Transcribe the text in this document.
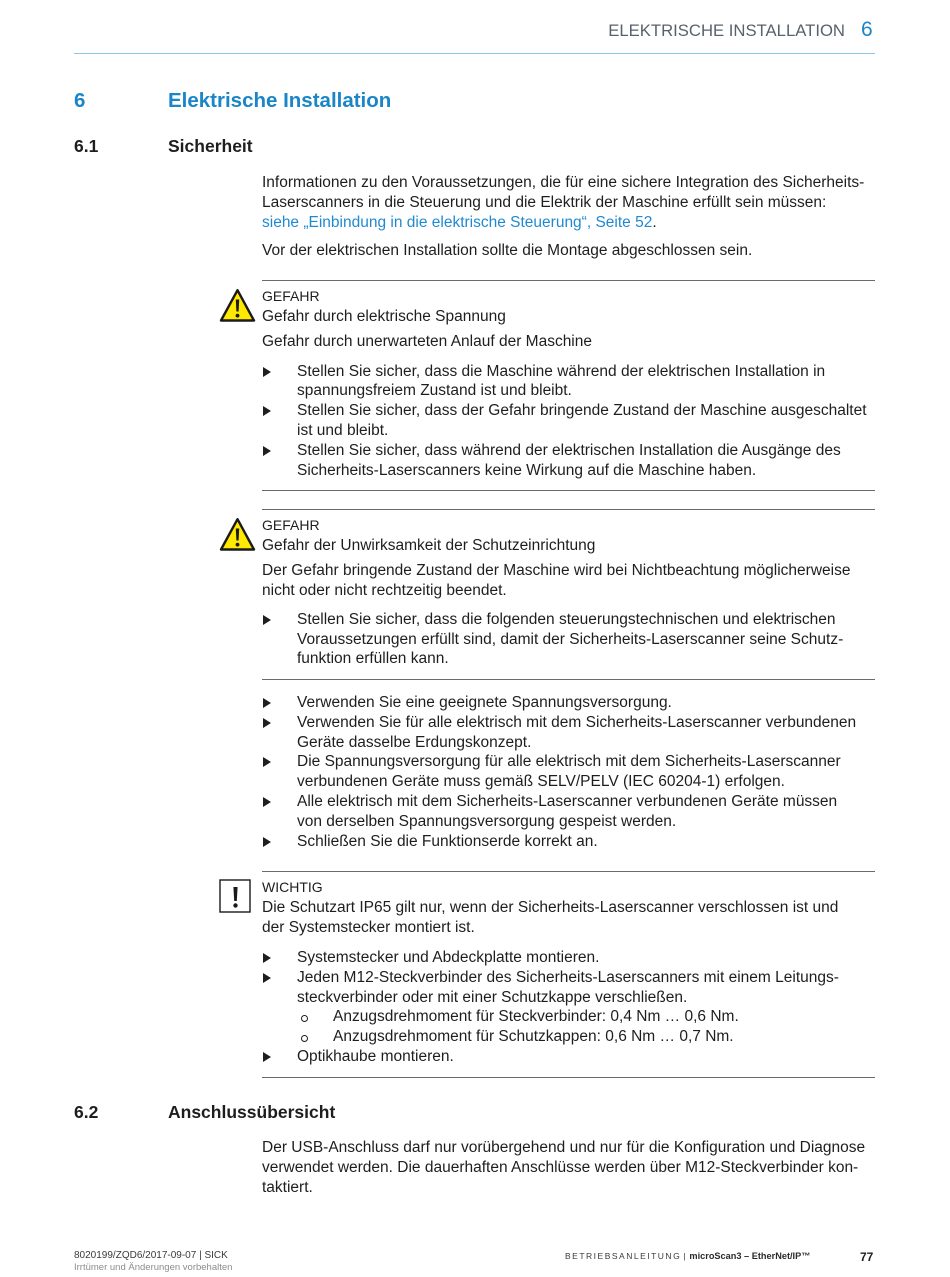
ELEKTRISCHE INSTALLATION 6
6	Elektrische Installation
6.1	Sicherheit
Informationen zu den Voraussetzungen, die für eine sichere Integration des Sicherheits-
Laserscanners in die Steuerung und die Elektrik der Maschine erfüllt sein müssen:
siehe „Einbindung in die elektrische Steuerung“, Seite 52.
Vor der elektrischen Installation sollte die Montage abgeschlossen sein.
GEFAHR
Gefahr durch elektrische Spannung
Gefahr durch unerwarteten Anlauf der Maschine
Stellen Sie sicher, dass die Maschine während der elektrischen Installation in
spannungsfreiem Zustand ist und bleibt.
Stellen Sie sicher, dass der Gefahr bringende Zustand der Maschine ausgeschaltet
ist und bleibt.
Stellen Sie sicher, dass während der elektrischen Installation die Ausgänge des
Sicherheits-Laserscanners keine Wirkung auf die Maschine haben.
GEFAHR
Gefahr der Unwirksamkeit der Schutzeinrichtung
Der Gefahr bringende Zustand der Maschine wird bei Nichtbeachtung möglicherweise
nicht oder nicht rechtzeitig beendet.
Stellen Sie sicher, dass die folgenden steuerungstechnischen und elektrischen
Voraussetzungen erfüllt sind, damit der Sicherheits-Laserscanner seine Schutz-
funktion erfüllen kann.
Verwenden Sie eine geeignete Spannungsversorgung.
Verwenden Sie für alle elektrisch mit dem Sicherheits-Laserscanner verbundenen
Geräte dasselbe Erdungskonzept.
Die Spannungsversorgung für alle elektrisch mit dem Sicherheits-Laserscanner
verbundenen Geräte muss gemäß SELV/PELV (IEC 60204-1) erfolgen.
Alle elektrisch mit dem Sicherheits-Laserscanner verbundenen Geräte müssen
von derselben Spannungsversorgung gespeist werden.
Schließen Sie die Funktionserde korrekt an.
WICHTIG
Die Schutzart IP65 gilt nur, wenn der Sicherheits-Laserscanner verschlossen ist und
der Systemstecker montiert ist.
Systemstecker und Abdeckplatte montieren.
Jeden M12-Steckverbinder des Sicherheits-Laserscanners mit einem Leitungs-
steckverbinder oder mit einer Schutzkappe verschließen.
Anzugsdrehmoment für Steckverbinder: 0,4 Nm … 0,6 Nm.
Anzugsdrehmoment für Schutzkappen: 0,6 Nm … 0,7 Nm.
Optikhaube montieren.
6.2	Anschlussübersicht
Der USB-Anschluss darf nur vorübergehend und nur für die Konfiguration und Diagnose
verwendet werden. Die dauerhaften Anschlüsse werden über M12-Steckverbinder kon-
taktiert.
8020199/ZQD6/2017-09-07 | SICK
Irrtümer und Änderungen vorbehalten
BETRIEBSANLEITUNG | microScan3 – EtherNet/IP™	77
